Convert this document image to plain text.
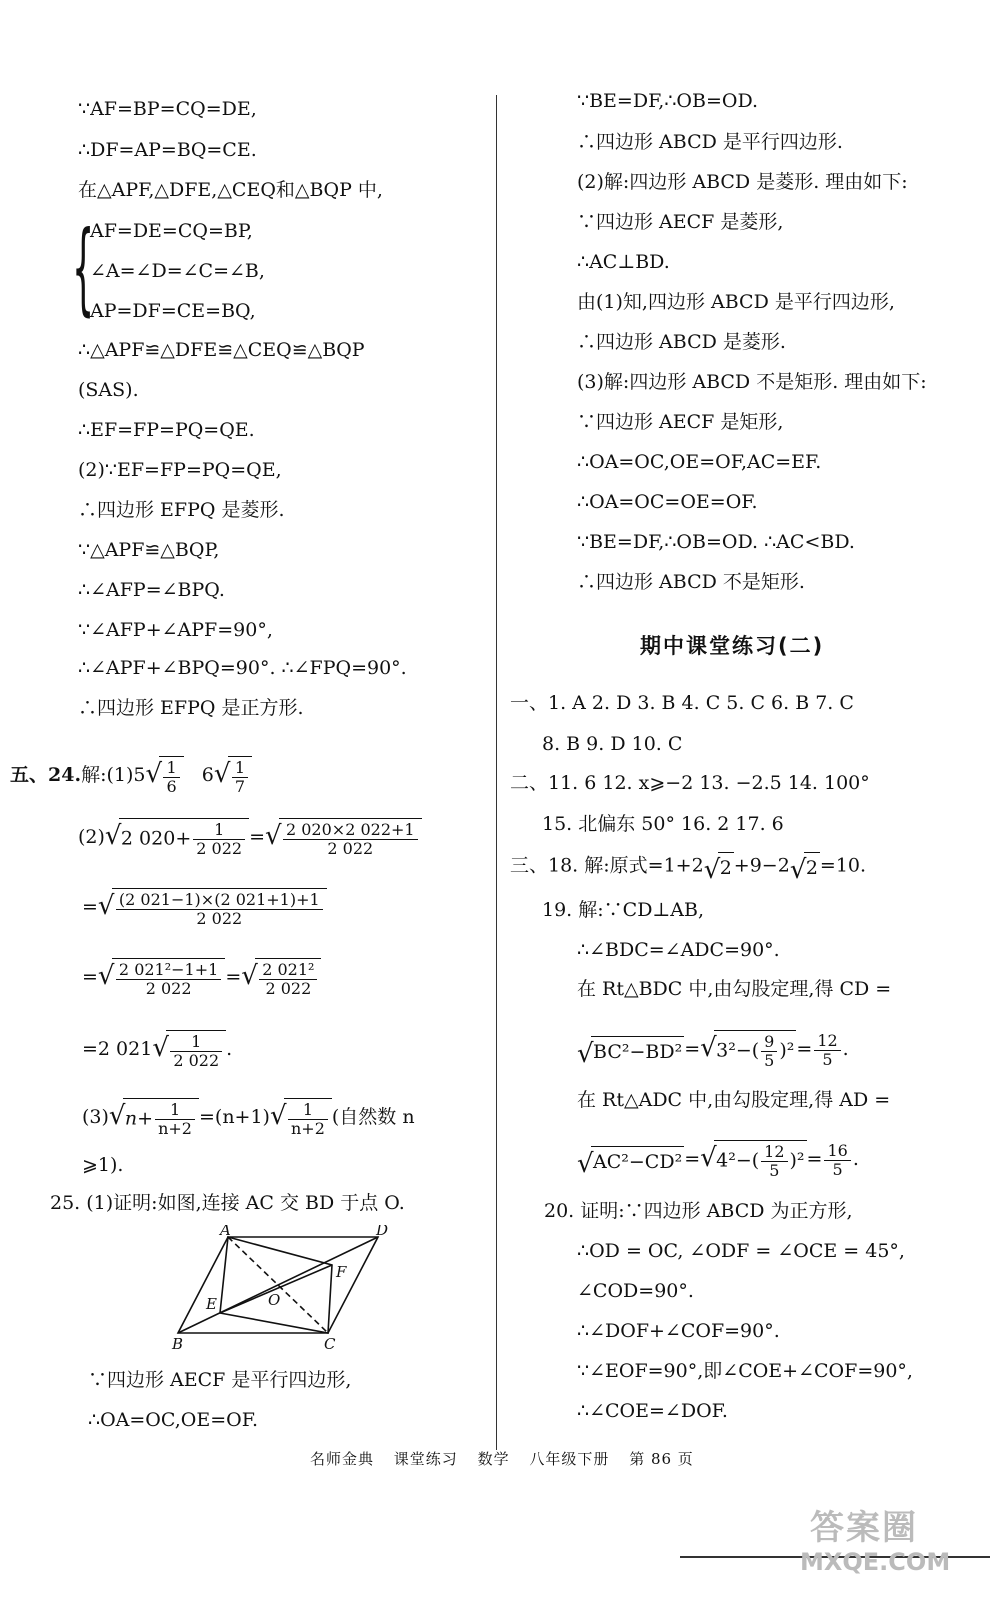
∵AF=BP=CQ=DE,
∴DF=AP=BQ=CE.
在△APF,△DFE,△CEQ和△BQP 中,
{
AF=DE=CQ=BP,
∠A=∠D=∠C=∠B,
AP=DF=CE=BQ,
∴△APF≌△DFE≌△CEQ≌△BQP
(SAS).
∴EF=FP=PQ=QE.
(2)∵EF=FP=PQ=QE,
∴四边形 EFPQ 是菱形.
∵△APF≌△BQP,
∴∠AFP=∠BPQ.
∵∠AFP+∠APF=90°,
∴∠APF+∠BPQ=90°. ∴∠FPQ=90°.
∴四边形 EFPQ 是正方形.
五、24.解:(1)5 √ $\frac{1}{6} 6$ √ $\frac{1}{7}$
(2) √ 2 $020+ \frac{1}{2 022}$ = √ $\frac{2 020\times 2 022+1}{2 022}$
= √ $\frac{(2 021-1)\times(2 021+1)+1}{2 022}$
= √ $\frac{\text{2 021²−1+1}}{2 022}$ = √ $\frac{\text{2 021²}}{2 022}$
=2 021 √ $\frac{1}{2 022}$ .
(3) √ $n+ \frac{1}{n+2} =(n+1)$ √ $\frac{1}{n+2}$ (自然数 n
⩾1).
25. (1)证明:如图,连接 AC 交 BD 于点 O.
A	D
B	C
E
F
O
∵四边形 AECF 是平行四边形,
∴OA=OC,OE=OF.
∵BE=DF,∴OB=OD.
∴四边形 ABCD 是平行四边形.
(2)解:四边形 ABCD 是菱形. 理由如下:
∵四边形 AECF 是菱形,
∴AC⊥BD.
由(1)知,四边形 ABCD 是平行四边形,
∴四边形 ABCD 是菱形.
(3)解:四边形 ABCD 不是矩形. 理由如下:
∵四边形 AECF 是矩形,
∴OA=OC,OE=OF,AC=EF.
∴OA=OC=OE=OF.
∵BE=DF,∴OB=OD. ∴AC<BD.
∴四边形 ABCD 不是矩形.
期中课堂练习(二)
一、1. A 2. D 3. B 4. C 5. C 6. B 7. C
8. B 9. D 10. C
二、11. 6 12. x⩾−2 13. −2.5 14. 100°
15. 北偏东 50° 16. 2 17. 6
三、18. 解:原式=1+2 √ 2 +9−2 √ 2 =10.
19. 解:∵CD⊥AB,
∴∠BDC=∠ADC=90°.
在 Rt△BDC 中,由勾股定理,得 CD =
√ BC²−BD² = √ $3^2-( \frac{9}{5} )^2 = \frac{12}{5}$ .
在 Rt△ADC 中,由勾股定理,得 AD =
√ AC²−CD² = √ $4^2-( \frac{12}{5} )^2 = \frac{16}{5}$ .
20. 证明:∵四边形 ABCD 为正方形,
∴OD = OC, ∠ODF = ∠OCE = 45°,
∠COD=90°.
∴∠DOF+∠COF=90°.
∵∠EOF=90°,即∠COE+∠COF=90°,
∴∠COE=∠DOF.
名师金典 课堂练习 数学 八年级下册 第 86 页
答案圈
MXQE.COM
